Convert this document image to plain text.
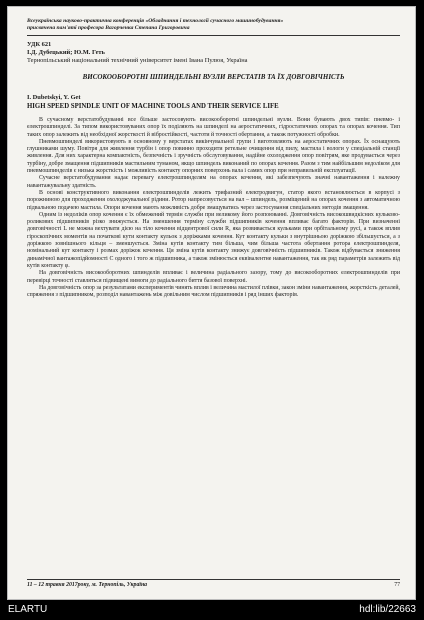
Всеукраїнська науково-практична конференція «Обладнання і технології сучасного машинобудування»
присвячена пам'яті професора Вагорченка Степана Григоровича
УДК 621
І.Д. Дубецький; Ю.М. Геть
Тернопільський національний технічний університет імені Івана Пулюя, Україна
ВИСОКООБОРОТНІ ШПИНДЕЛЬНІ ВУЗЛИ ВЕРСТАТІВ ТА ЇХ ДОВГОВІЧНІСТЬ
I. Dubetskyi, Y. Get
HIGH SPEED SPINDLE UNIT OF MACHINE TOOLS AND THEIR SERVICE LIFE

В сучасному верстатобудуванні все більше застосовують високооборотні шпиндельні вузли. Вони бувають двох типів: пневмо- і електрошпинделі. За типом використовуваних опор їх поділяють на шпинделі на аеростатичних, гідростатичних опорах та опорах кочення. Тип таких опор залежить від необхідної жорсткості й вібростійкості, частоти й точності обертання, а також потужності обробки.

Пневмошпинделі використовують в основному у верстатах викінчувальної групи і виготовляють на аеростатичних опорах. Їх оснащують глушниками шуму. Повітря для живлення турбін і опор повинно проходити ретельне очищення від пилу, мастила і вологи у спеціальній станції живлення. Для них характерна компактність, безпечність і зручність обслуговування, надійне охолодження опор повітрям, яке продувається через турбіну, добре змащення підшипників мастильним туманом, якщо шпиндель виконаний по опорах кочення. Разом з тим найбільшим недоліком для пневмошпинделів є низька жорсткість і можливість контакту опорних поверхонь вала і самих опор при неправильній експлуатації.

Сучасне верстатобудування надає перевагу електрошпинделям на опорах кочення, які забезпечують значні навантаження і належну навантажувальну здатність.

В основі конструктивного виконання електрошпинделів лежить трифазний електродвигун, статор якого встановлюється в корпусі з порожниною для проходження охолоджувальної рідини. Ротор напресовується на вал – шпиндель, розміщений на опорах кочення з автоматичною підвальною подачею мастила. Опори кочення мають можливість добре змащуватись через застосування спеціальних методів змащення.

Одним із недоліків опор кочення є їх обмежений термін служби при великому його розпоюванні. Довговічність високошвидкісних кульково-роликових підшипників різко знижується. На зменшення терміну служби підшипників кочення впливає багато факторів. При визначенні довговічності L не можна вехтувати дією на тіло кочення відцентрової сили R, яка розвивається кульками при орбітальному русі, а також вплив гіроскопічних моментів на початкові кути контакту кульок з доріжками кочення. Кут контакту кульки з внутрішньою доріжкою збільшується, а з доріжкою зовнішнього кільця – зменшується. Зміна кутів контакту тим більша, чим більша частота обертання ротора електрошпинделя, номінальний кут контакту і розмах доріжок кочення. Ця зміна кутів контакту знижує довговічність підшипників. Також відбувається зниження динамічної вантажопідйомності С одного і того ж підшипника, а також змінюється еквівалентне навантаження, так як ряд параметрів залежить від кутів контакту φ.

На довговічність високооборотних шпинделів впливає і величина радіального зазору, тому до високооборотних електрошпинделів при перевірці точності ставляться підвищені вимоги до радіального биття базової поверхні.

На довговічність опор за результатами експериментів чинять вплив і величина мастилої плівки, закон зміни навантаження, жорсткість деталей, спряження з підшипником, розподіл навантажень між довільним числом підшипників і ряд інших факторів.

11 – 12 травня 2017року, м. Тернопіль, Україна	77
ELARTU	hdl:lib/22663
